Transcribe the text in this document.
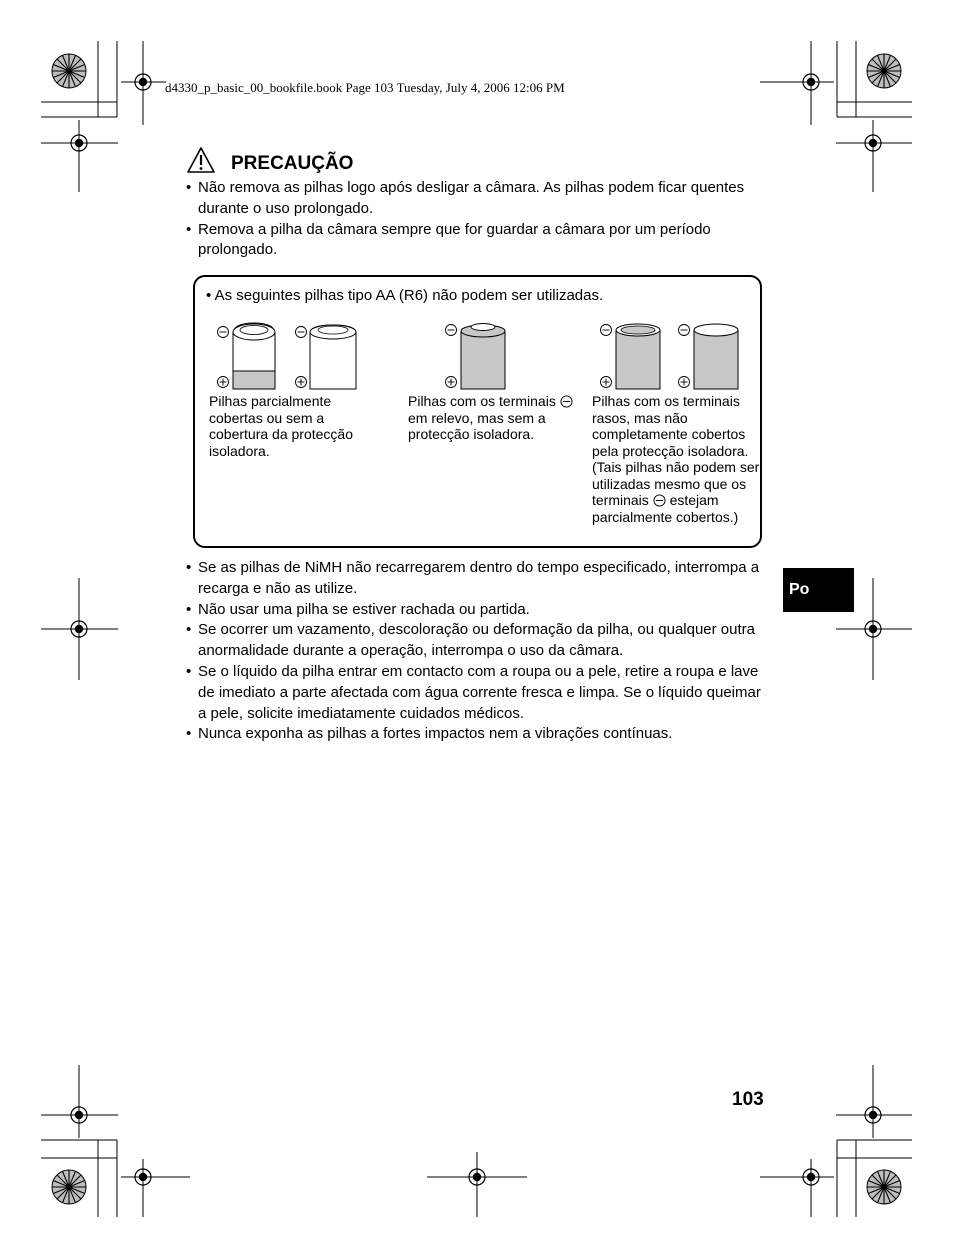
d4330_p_basic_00_bookfile.book Page 103 Tuesday, July 4, 2006 12:06 PM
PRECAUÇÃO
• Não remova as pilhas logo após desligar a câmara. As pilhas podem ficar quentes durante o uso prolongado.
• Remova a pilha da câmara sempre que for guardar a câmara por um período prolongado.
• As seguintes pilhas tipo AA (R6) não podem ser utilizadas.
Pilhas parcialmente cobertas ou sem a cobertura da protecção isoladora.
Pilhas com os terminais  em relevo, mas sem a protecção isoladora.
Pilhas com os terminais rasos, mas não completamente cobertos pela protecção isoladora. (Tais pilhas não podem ser utilizadas mesmo que os terminais estejam parcialmente cobertos.)
• Se as pilhas de NiMH não recarregarem dentro do tempo especificado, interrompa a recarga e não as utilize.
• Não usar uma pilha se estiver rachada ou partida.
• Se ocorrer um vazamento, descoloração ou deformação da pilha, ou qualquer outra anormalidade durante a operação, interrompa o uso da câmara.
• Se o líquido da pilha entrar em contacto com a roupa ou a pele, retire a roupa e lave de imediato a parte afectada com água corrente fresca e limpa. Se o líquido queimar a pele, solicite imediatamente cuidados médicos.
• Nunca exponha as pilhas a fortes impactos nem a vibrações contínuas.
Po
103
